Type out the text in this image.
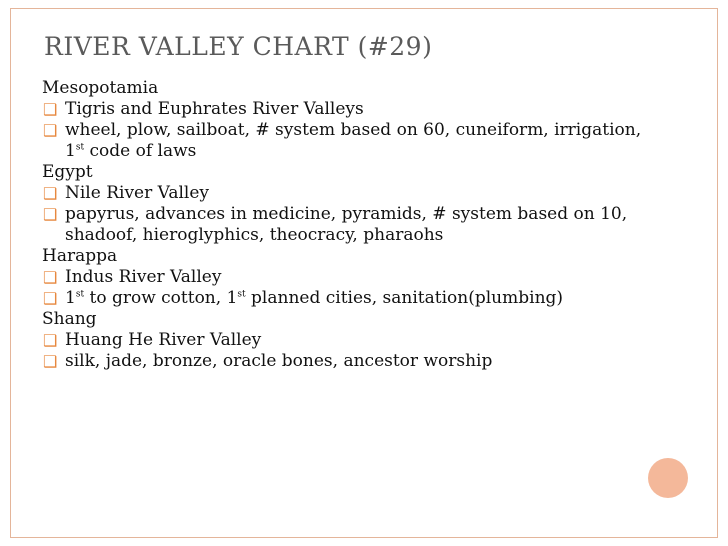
RIVER VALLEY CHART (#29)
Mesopotamia
❑ Tigris and Euphrates River Valleys
❑ wheel, plow, sailboat, # system based on 60, cuneiform, irrigation, 1st code of laws
Egypt
❑ Nile River Valley
❑ papyrus, advances in medicine, pyramids, # system based on 10, shadoof, hieroglyphics, theocracy, pharaohs
Harappa
❑ Indus River Valley
❑ 1st to grow cotton, 1st planned cities, sanitation(plumbing)
Shang
❑ Huang He River Valley
❑ silk, jade, bronze, oracle bones, ancestor worship
